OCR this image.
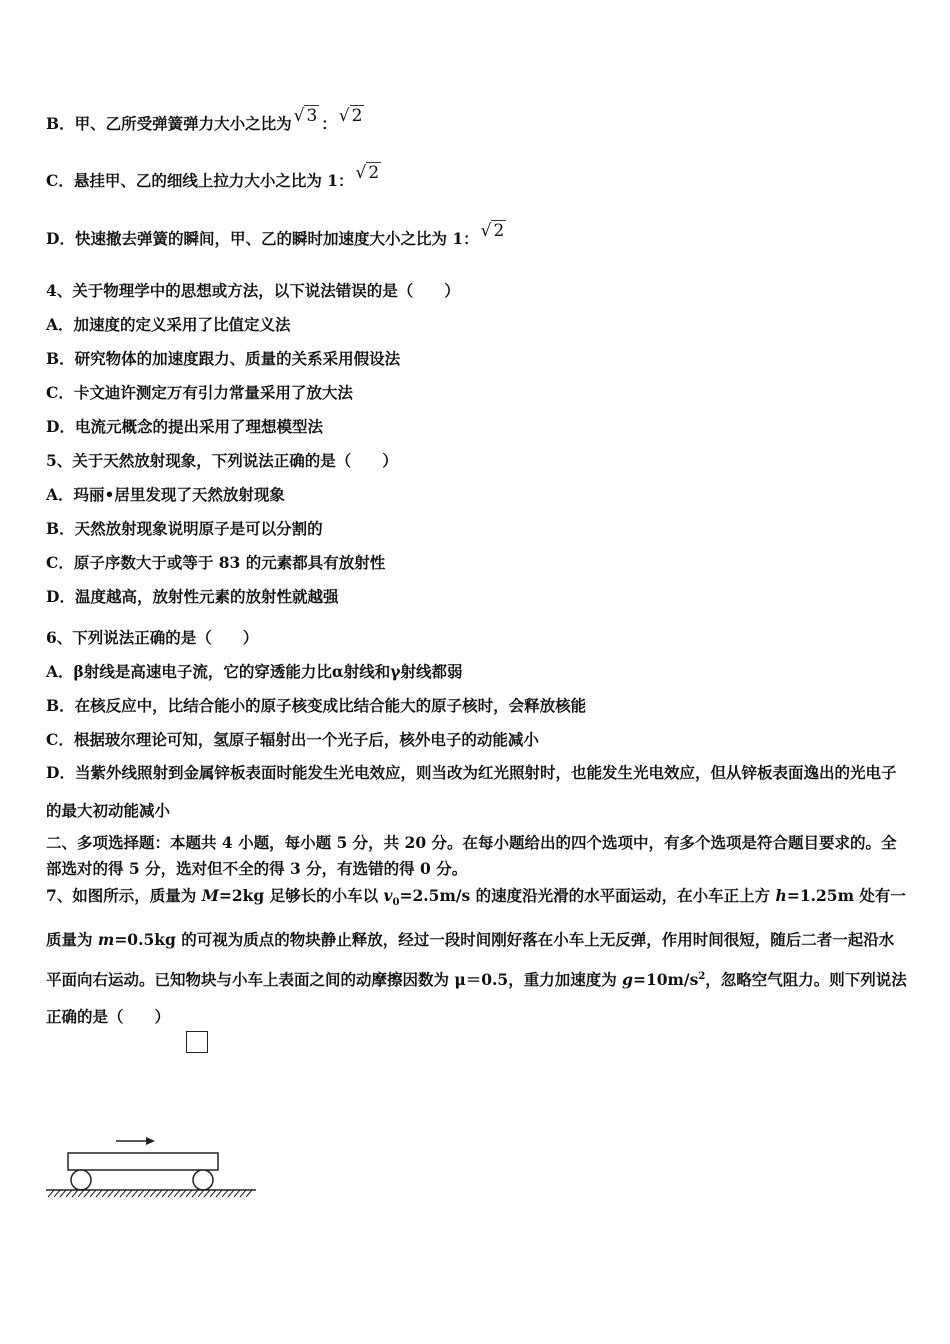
B．甲、乙所受弹簧弹力大小之比为 √ 3 ： √ 2
C．悬挂甲、乙的细线上拉力大小之比为 1： √ 2
D．快速撤去弹簧的瞬间，甲、乙的瞬时加速度大小之比为 1： √ 2
4、关于物理学中的思想或方法，以下说法错误的是（　　）
A．加速度的定义采用了比值定义法
B．研究物体的加速度跟力、质量的关系采用假设法
C．卡文迪许测定万有引力常量采用了放大法
D．电流元概念的提出采用了理想模型法
5、关于天然放射现象，下列说法正确的是（　　）
A．玛丽⁠•居里发现了天然放射现象
B．天然放射现象说明原子是可以分割的
C．原子序数大于或等于 83 的元素都具有放射性
D．温度越高，放射性元素的放射性就越强
6、下列说法正确的是（　　）
A．β射线是高速电子流，它的穿透能力比α射线和γ射线都弱
B．在核反应中，比结合能小的原子核变成比结合能大的原子核时，会释放核能
C．根据玻尔理论可知，氢原子辐射出一个光子后，核外电子的动能减小
D．当紫外线照射到金属锌板表面时能发生光电效应，则当改为红光照射时，也能发生光电效应，但从锌板表面逸出的光电子的最大初动能减小
二、多项选择题：本题共 4 小题，每小题 5 分，共 20 分。在每小题给出的四个选项中，有多个选项是符合题目要求的。全部选对的得 5 分，选对但不全的得 3 分，有选错的得 0 分。
7、如图所示，质量为 M=2kg 足够长的小车以 $v_0=2.5m/s$ 的速度沿光滑的水平面运动，在小车正上方 h=1.25m 处有一质量为 m=0.5kg 的可视为质点的物块静止释放，经过一段时间刚好落在小车上无反弹，作用时间很短，随后二者一起沿水平面向右运动。已知物块与小车上表面之间的动摩擦因数为 μ＝0.5，重力加速度为 $g=10m/s^2$，忽略空气阻力。则下列说法正确的是（　　）
